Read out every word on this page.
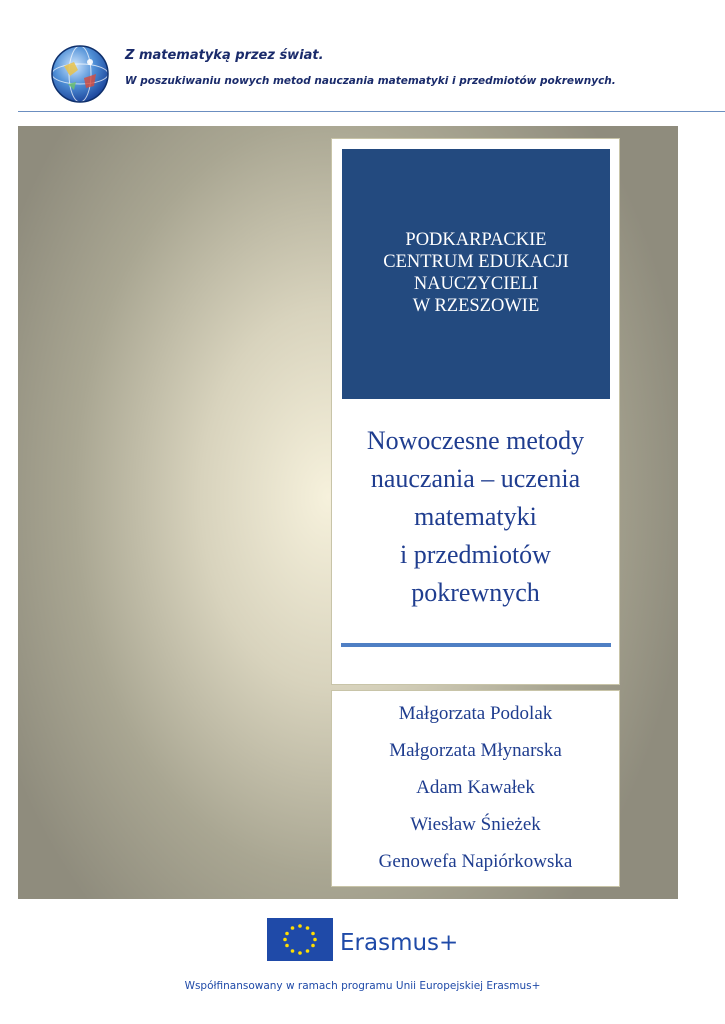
Z matematyką przez świat.
W poszukiwaniu nowych metod nauczania matematyki i przedmiotów pokrewnych.
PODKARPACKIE
CENTRUM EDUKACJI
NAUCZYCIELI
W RZESZOWIE
Nowoczesne metody
nauczania – uczenia
matematyki
i przedmiotów
pokrewnych
Małgorzata Podolak
Małgorzata Młynarska
Adam Kawałek
Wiesław Śnieżek
Genowefa Napiórkowska
Erasmus+
Współfinansowany w ramach programu Unii Europejskiej Erasmus+
